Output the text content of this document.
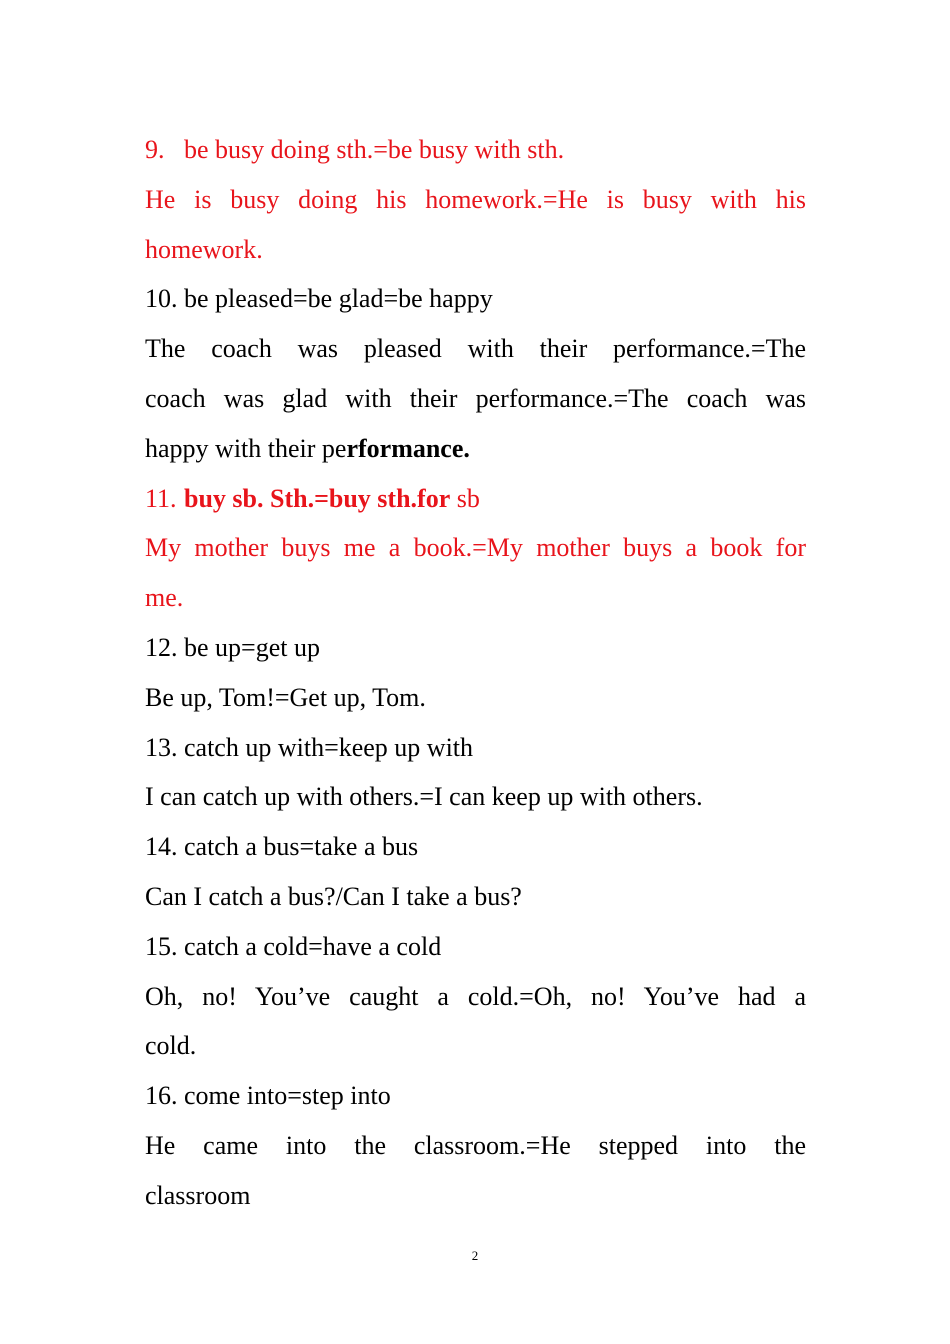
9. be busy doing sth.=be busy with sth.
He is busy doing his homework.=He is busy with his
homework.
10. be pleased=be glad=be happy
The coach was pleased with their performance.=The
coach was glad with their performance.=The coach was
happy with their performance.
11. buy sb. Sth.=buy sth.for sb
My mother buys me a book.=My mother buys a book for
me.
12. be up=get up
Be up, Tom!=Get up, Tom.
13. catch up with=keep up with
I can catch up with others.=I can keep up with others.
14. catch a bus=take a bus
Can I catch a bus?/Can I take a bus?
15. catch a cold=have a cold
Oh, no! You’ve caught a cold.=Oh, no! You’ve had a
cold.
16. come into=step into
He came into the classroom.=He stepped into the
classroom
2
